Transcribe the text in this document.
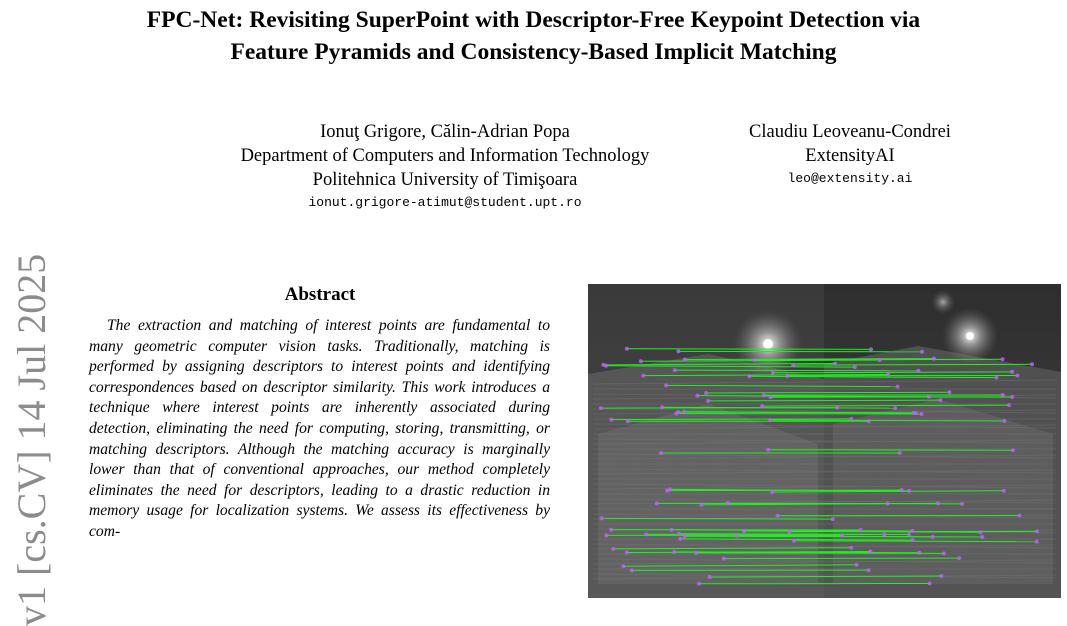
FPC-Net: Revisiting SuperPoint with Descriptor-Free Keypoint Detection via
Feature Pyramids and Consistency-Based Implicit Matching
Ionuţ Grigore, Călin-Adrian Popa
Department of Computers and Information Technology
Politehnica University of Timişoara
ionut.grigore-atimut@student.upt.ro
Claudiu Leoveanu-Condrei
ExtensityAI
leo@extensity.ai
v1 [cs.CV] 14 Jul 2025	Abstract

The extraction and matching of interest points are fundamental to many geometric computer vision tasks. Traditionally, matching is performed by assigning descriptors to interest points and identifying correspondences based on descriptor similarity. This work introduces a technique where interest points are inherently associated during detection, eliminating the need for computing, storing, transmitting, or matching descriptors. Although the matching accuracy is marginally lower than that of conventional approaches, our method completely eliminates the need for descriptors, leading to a drastic reduction in memory usage for localization systems. We assess its effectiveness by com-
